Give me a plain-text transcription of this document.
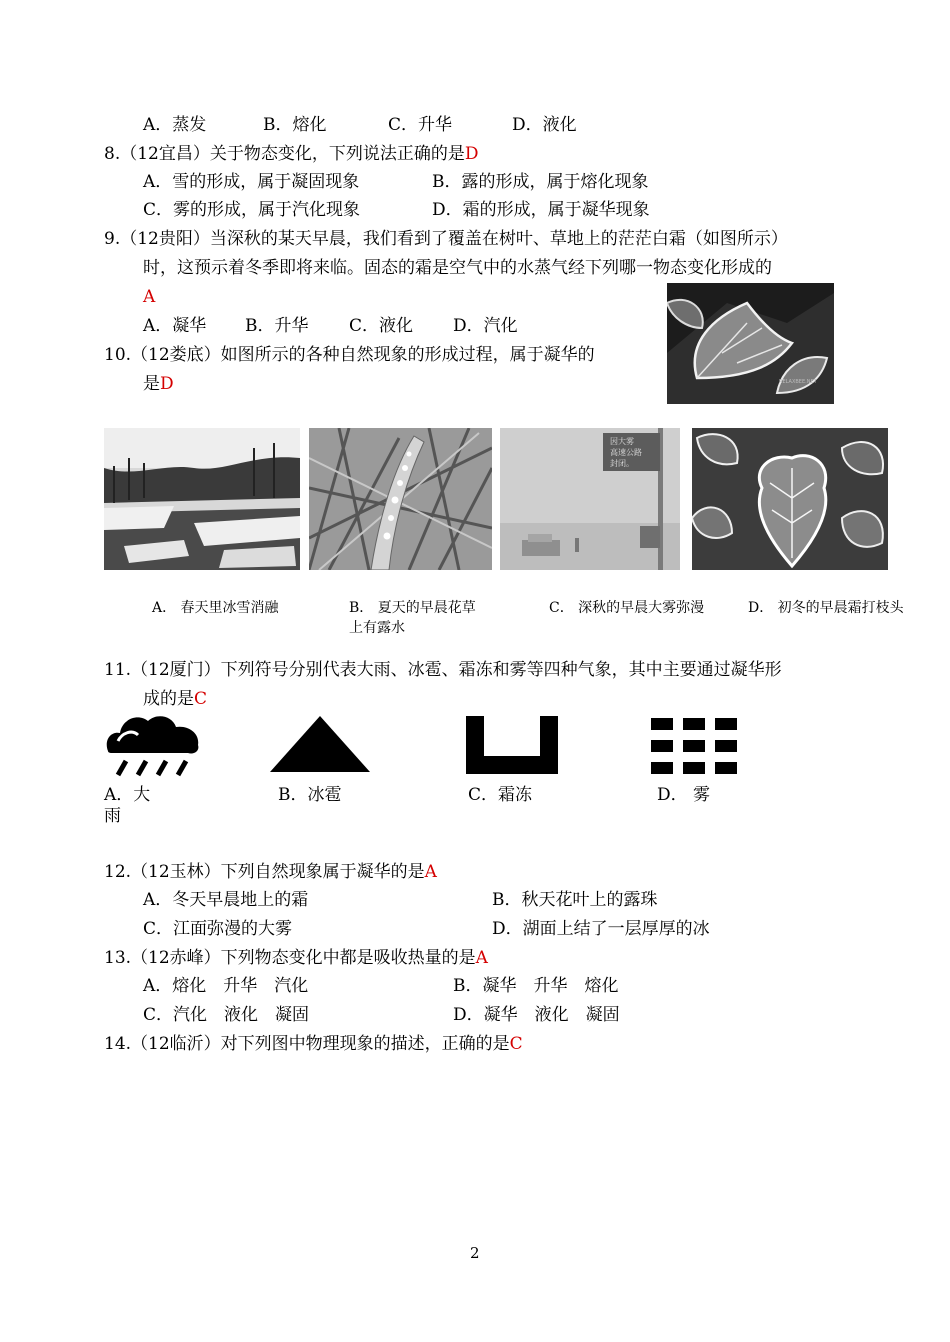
A．蒸发	B．熔化	C．升华	D．液化
8.（12宜昌）关于物态变化，下列说法正确的是D
A．雪的形成，属于凝固现象	B．露的形成，属于熔化现象
C．雾的形成，属于汽化现象	D．霜的形成，属于凝华现象
9.（12贵阳）当深秋的某天早晨，我们看到了覆盖在树叶、草地上的茫茫白霜（如图所示）
时，这预示着冬季即将来临。固态的霜是空气中的水蒸气经下列哪一物态变化形成的
A
A．凝华 B．升华 C．液化 D．汽化
RELAXBEE.NET
10.（12娄底）如图所示的各种自然现象的形成过程，属于凝华的
是D
因大雾
高速公路
封闭。
A． 春天里冰雪消融	B． 夏天的早晨花草
上有露水
C． 深秋的早晨大雾弥漫	D． 初冬的早晨霜打枝头
11.（12厦门）下列符号分别代表大雨、冰雹、霜冻和雾等四种气象，其中主要通过凝华形
成的是C
A．大
雨
B．冰雹	C．霜冻	D． 雾
12.（12玉林）下列自然现象属于凝华的是A
A．冬天早晨地上的霜	B．秋天花叶上的露珠
C．江面弥漫的大雾	D．湖面上结了一层厚厚的冰
13.（12赤峰）下列物态变化中都是吸收热量的是A
A．熔化　升华　汽化	B．凝华　升华　熔化
C．汽化　液化　凝固	D．凝华　液化　凝固
14.（12临沂）对下列图中物理现象的描述，正确的是C
2
